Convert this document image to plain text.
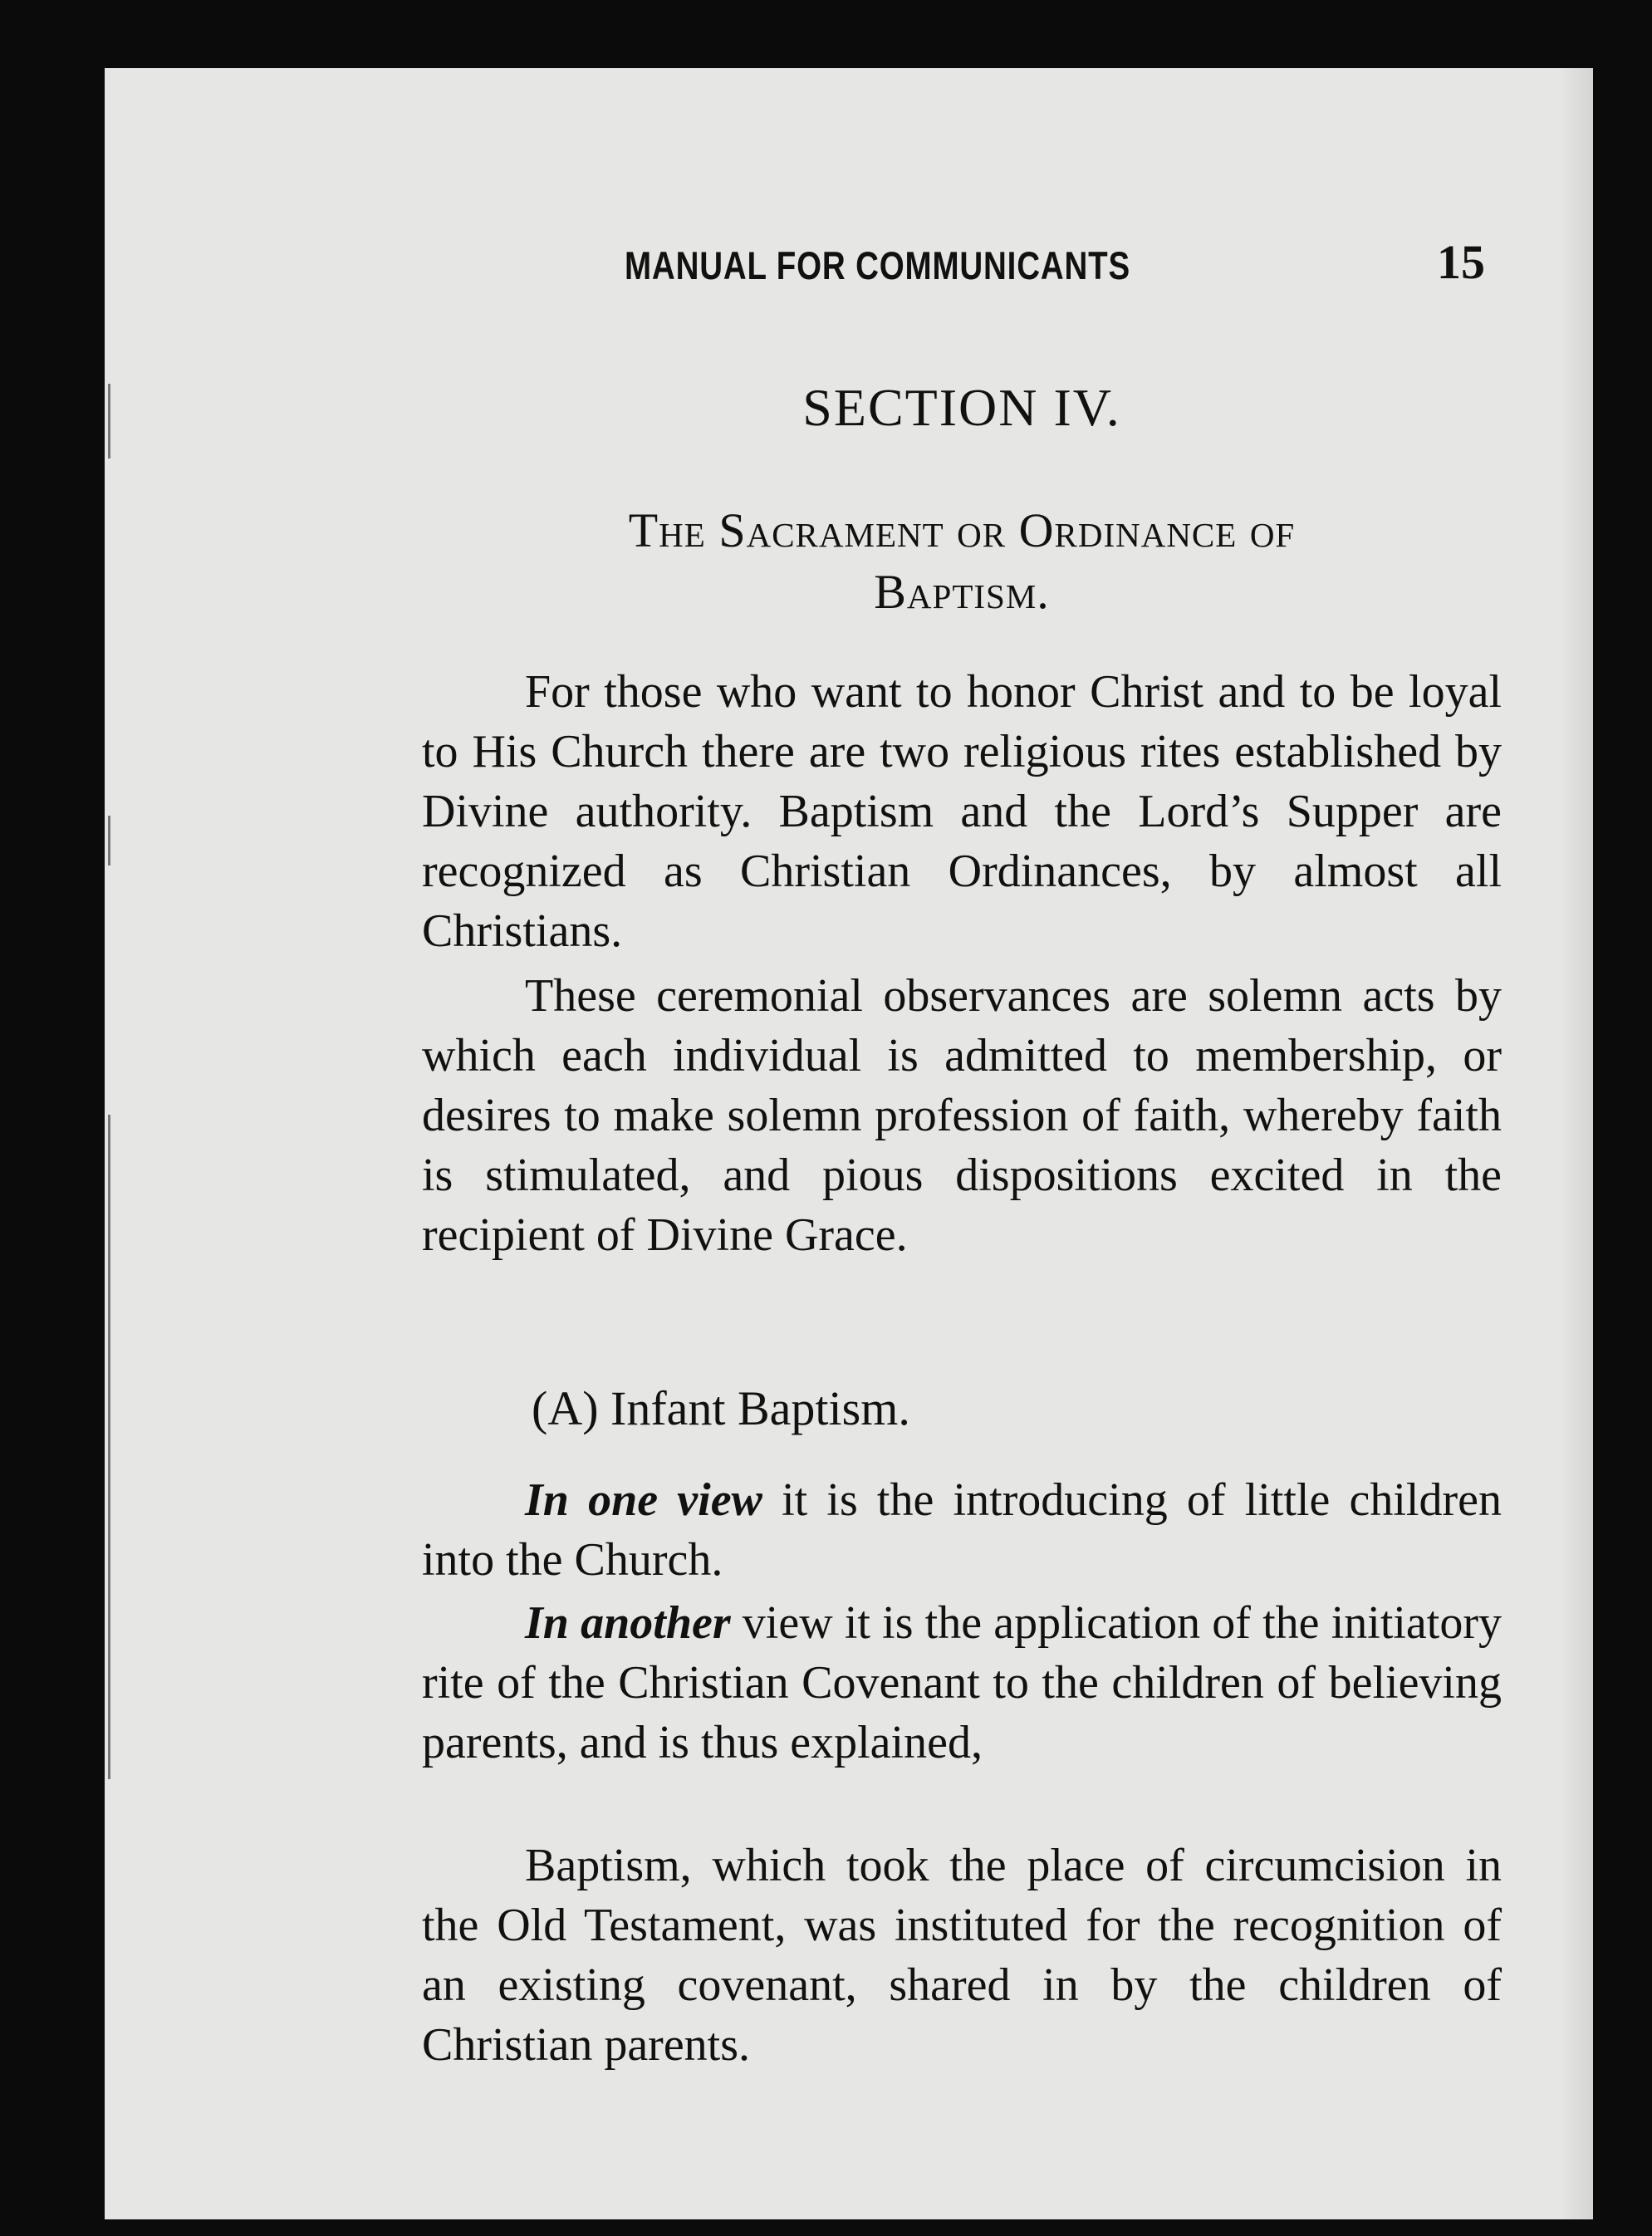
MANUAL FOR COMMUNICANTS	15
SECTION IV.
The Sacrament or Ordinance of
Baptism.

For those who want to honor Christ and to be loyal to His Church there are two religious rites established by Divine authority. Baptism and the Lord’s Supper are recognized as Christian Ordinances, by almost all Christians.

These ceremonial observances are solemn acts by which each individual is admitted to membership, or desires to make solemn profession of faith, whereby faith is stimulated, and pious dispositions excited in the recipient of Divine Grace.

(A) Infant Baptism.

In one view it is the introducing of little children into the Church.

In another view it is the application of the initiatory rite of the Christian Covenant to the children of believing parents, and is thus explained,

Baptism, which took the place of circumcision in the Old Testament, was instituted for the recognition of an existing covenant, shared in by the children of Christian parents.
